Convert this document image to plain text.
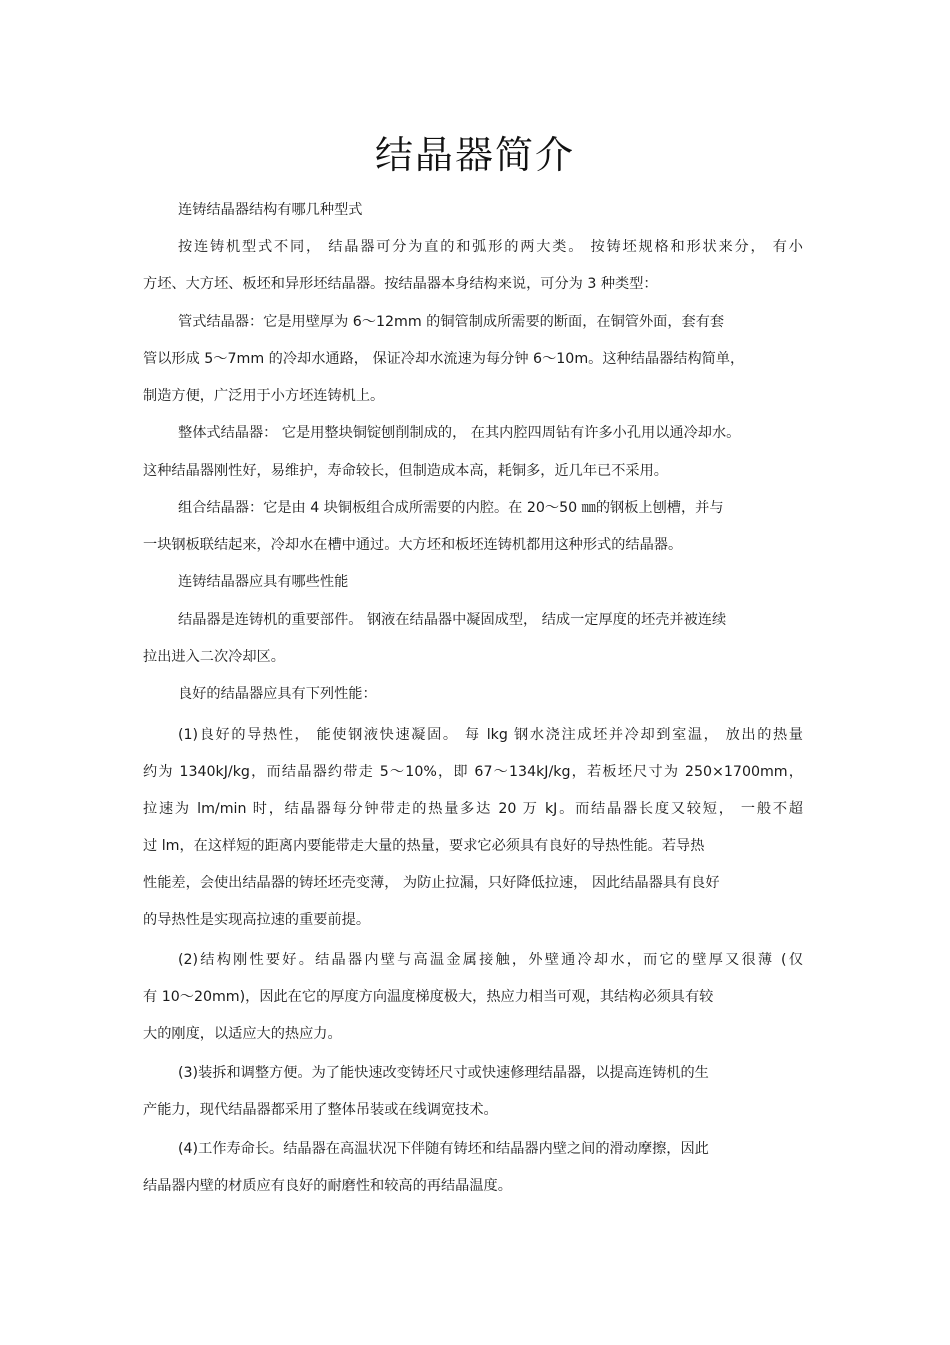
结晶器简介
连铸结晶器结构有哪几种型式
按连铸机型式不同， 结晶器可分为直的和弧形的两大类。 按铸坯规格和形状来分， 有小
方坯、大方坯、板坯和异形坯结晶器。按结晶器本身结构来说，可分为 3 种类型：
管式结晶器：它是用壁厚为 6～12mm 的铜管制成所需要的断面，在铜管外面，套有套
管以形成 5～7mm 的冷却水通路， 保证冷却水流速为每分钟 6～10m。这种结晶器结构简单，
制造方便，广泛用于小方坯连铸机上。
整体式结晶器： 它是用整块铜锭刨削制成的， 在其内腔四周钻有许多小孔用以通冷却水。
这种结晶器刚性好，易维护，寿命较长，但制造成本高，耗铜多，近几年已不采用。
组合结晶器：它是由 4 块铜板组合成所需要的内腔。在 20～50 ㎜的钢板上刨槽，并与
一块钢板联结起来，冷却水在槽中通过。大方坯和板坯连铸机都用这种形式的结晶器。
连铸结晶器应具有哪些性能
结晶器是连铸机的重要部件。 钢液在结晶器中凝固成型， 结成一定厚度的坯壳并被连续
拉出进入二次冷却区。
良好的结晶器应具有下列性能：
(1)良好的导热性， 能使钢液快速凝固。 每 lkg 钢水浇注成坯并冷却到室温， 放出的热量
约为 1340kJ/kg，而结晶器约带走 5～10%，即 67～134kJ/kg，若板坯尺寸为 250×1700mm，
拉速为 lm/min 时，结晶器每分钟带走的热量多达 20 万 kJ。而结晶器长度又较短， 一般不超
过 lm，在这样短的距离内要能带走大量的热量，要求它必须具有良好的导热性能。若导热
性能差，会使出结晶器的铸坯坯壳变薄， 为防止拉漏，只好降低拉速， 因此结晶器具有良好
的导热性是实现高拉速的重要前提。
(2)结构刚性要好。结晶器内壁与高温金属接触，外壁通冷却水，而它的壁厚又很薄 (仅
有 10～20mm)，因此在它的厚度方向温度梯度极大，热应力相当可观，其结构必须具有较
大的刚度，以适应大的热应力。
(3)装拆和调整方便。为了能快速改变铸坯尺寸或快速修理结晶器，以提高连铸机的生
产能力，现代结晶器都采用了整体吊装或在线调宽技术。
(4)工作寿命长。结晶器在高温状况下伴随有铸坯和结晶器内壁之间的滑动摩擦，因此
结晶器内壁的材质应有良好的耐磨性和较高的再结晶温度。
